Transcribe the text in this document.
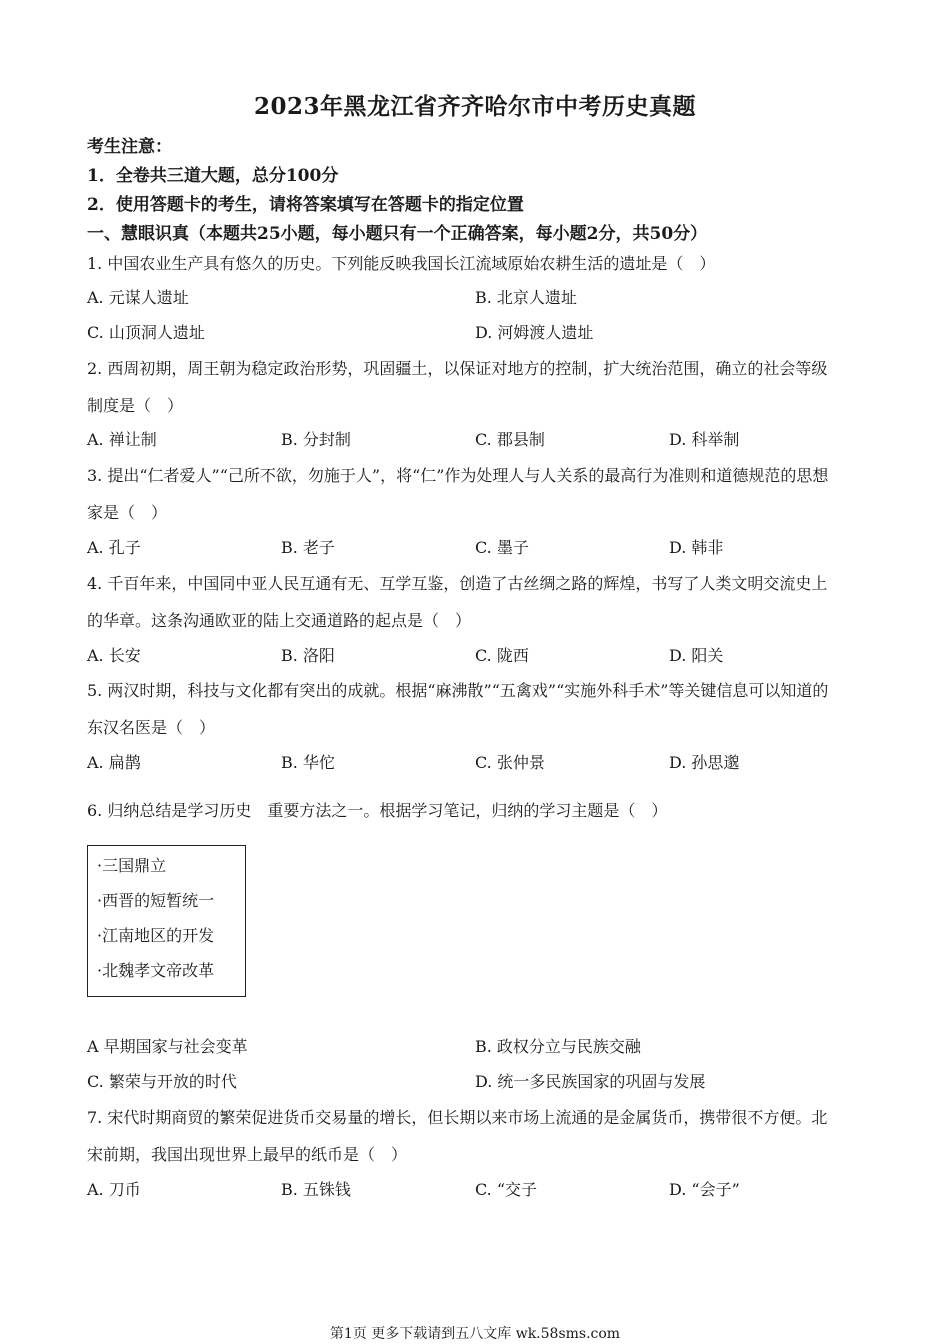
2023年黑龙江省齐齐哈尔市中考历史真题
考生注意：
1．全卷共三道大题，总分100分
2．使用答题卡的考生，请将答案填写在答题卡的指定位置
一、慧眼识真（本题共25小题，每小题只有一个正确答案，每小题2分，共50分）
1. 中国农业生产具有悠久的历史。下列能反映我国长江流域原始农耕生活的遗址是（　）
A. 元谋人遗址	B. 北京人遗址
C. 山顶洞人遗址	D. 河姆渡人遗址
2. 西周初期，周王朝为稳定政治形势，巩固疆土，以保证对地方的控制，扩大统治范围，确立的社会等级
制度是（　）
A. 禅让制	B. 分封制	C. 郡县制	D. 科举制
3. 提出“仁者爱人”“己所不欲，勿施于人”，将“仁”作为处理人与人关系的最高行为准则和道德规范的思想
家是（　）
A. 孔子	B. 老子	C. 墨子	D. 韩非
4. 千百年来，中国同中亚人民互通有无、互学互鉴，创造了古丝绸之路的辉煌，书写了人类文明交流史上
的华章。这条沟通欧亚的陆上交通道路的起点是（　）
A. 长安	B. 洛阳	C. 陇西	D. 阳关
5. 两汉时期，科技与文化都有突出的成就。根据“麻沸散”“五禽戏”“实施外科手术”等关键信息可以知道的
东汉名医是（　）
A. 扁鹊	B. 华佗	C. 张仲景	D. 孙思邈
6. 归纳总结是学习历史　重要方法之一。根据学习笔记，归纳的学习主题是（　）
·三国鼎立
·西晋的短暂统一
·江南地区的开发
·北魏孝文帝改革
A 早期国家与社会变革	B. 政权分立与民族交融
C. 繁荣与开放的时代	D. 统一多民族国家的巩固与发展
7. 宋代时期商贸的繁荣促进货币交易量的增长，但长期以来市场上流通的是金属货币，携带很不方便。北
宋前期，我国出现世界上最早的纸币是（　）
A. 刀币	B. 五铢钱	C. “交子	D. “会子”
第1页 更多下载请到五八文库 wk.58sms.com
